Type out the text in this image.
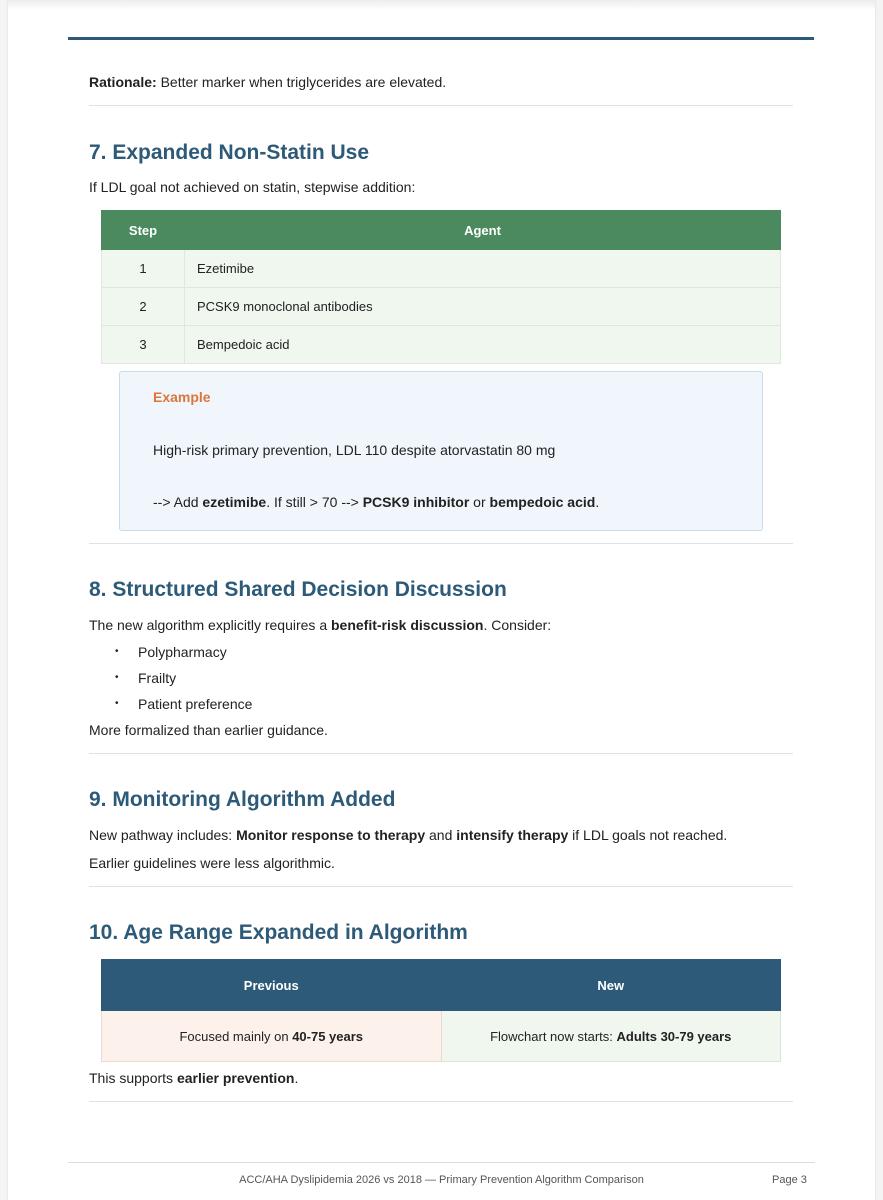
Rationale: Better marker when triglycerides are elevated.
7. Expanded Non-Statin Use
If LDL goal not achieved on statin, stepwise addition:
Step	Agent
1	Ezetimibe
2	PCSK9 monoclonal antibodies
3	Bempedoic acid
Example
High-risk primary prevention, LDL 110 despite atorvastatin 80 mg
--> Add ezetimibe. If still > 70 --> PCSK9 inhibitor or bempedoic acid.
8. Structured Shared Decision Discussion
The new algorithm explicitly requires a benefit-risk discussion. Consider:
• Polypharmacy
• Frailty
• Patient preference
More formalized than earlier guidance.
9. Monitoring Algorithm Added
New pathway includes: Monitor response to therapy and intensify therapy if LDL goals not reached.
Earlier guidelines were less algorithmic.
10. Age Range Expanded in Algorithm
Previous	New
Focused mainly on 40-75 years	Flowchart now starts: Adults 30-79 years
This supports earlier prevention.
ACC/AHA Dyslipidemia 2026 vs 2018 — Primary Prevention Algorithm Comparison	Page 3
